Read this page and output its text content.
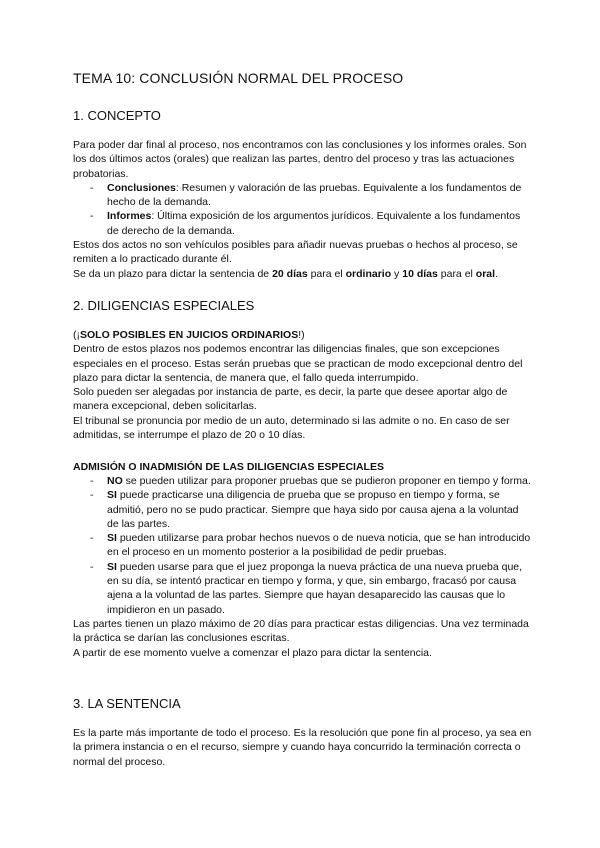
TEMA 10: CONCLUSIÓN NORMAL DEL PROCESO
1. CONCEPTO

Para poder dar final al proceso, nos encontramos con las conclusiones y los informes orales. Son los dos últimos actos (orales) que realizan las partes, dentro del proceso y tras las actuaciones probatorias.

- Conclusiones: Resumen y valoración de las pruebas. Equivalente a los fundamentos de hecho de la demanda.
- Informes: Última exposición de los argumentos jurídicos. Equivalente a los fundamentos de derecho de la demanda.

Estos dos actos no son vehículos posibles para añadir nuevas pruebas o hechos al proceso, se remiten a lo practicado durante él.

Se da un plazo para dictar la sentencia de 20 días para el ordinario y 10 días para el oral.

2. DILIGENCIAS ESPECIALES

(¡SOLO POSIBLES EN JUICIOS ORDINARIOS!)

Dentro de estos plazos nos podemos encontrar las diligencias finales, que son excepciones especiales en el proceso. Estas serán pruebas que se practican de modo excepcional dentro del plazo para dictar la sentencia, de manera que, el fallo queda interrumpido.

Solo pueden ser alegadas por instancia de parte, es decir, la parte que desee aportar algo de manera excepcional, deben solicitarlas.

El tribunal se pronuncia por medio de un auto, determinado si las admite o no. En caso de ser admitidas, se interrumpe el plazo de 20 o 10 días.

ADMISIÓN O INADMISIÓN DE LAS DILIGENCIAS ESPECIALES

- NO se pueden utilizar para proponer pruebas que se pudieron proponer en tiempo y forma.
- SI puede practicarse una diligencia de prueba que se propuso en tiempo y forma, se admitió, pero no se pudo practicar. Siempre que haya sido por causa ajena a la voluntad de las partes.
- SI pueden utilizarse para probar hechos nuevos o de nueva noticia, que se han introducido en el proceso en un momento posterior a la posibilidad de pedir pruebas.
- SI pueden usarse para que el juez proponga la nueva práctica de una nueva prueba que, en su día, se intentó practicar en tiempo y forma, y que, sin embargo, fracasó por causa ajena a la voluntad de las partes. Siempre que hayan desaparecido las causas que lo impidieron en un pasado.

Las partes tienen un plazo máximo de 20 días para practicar estas diligencias. Una vez terminada la práctica se darían las conclusiones escritas.

A partir de ese momento vuelve a comenzar el plazo para dictar la sentencia.

3. LA SENTENCIA

Es la parte más importante de todo el proceso. Es la resolución que pone fin al proceso, ya sea en la primera instancia o en el recurso, siempre y cuando haya concurrido la terminación correcta o normal del proceso.
